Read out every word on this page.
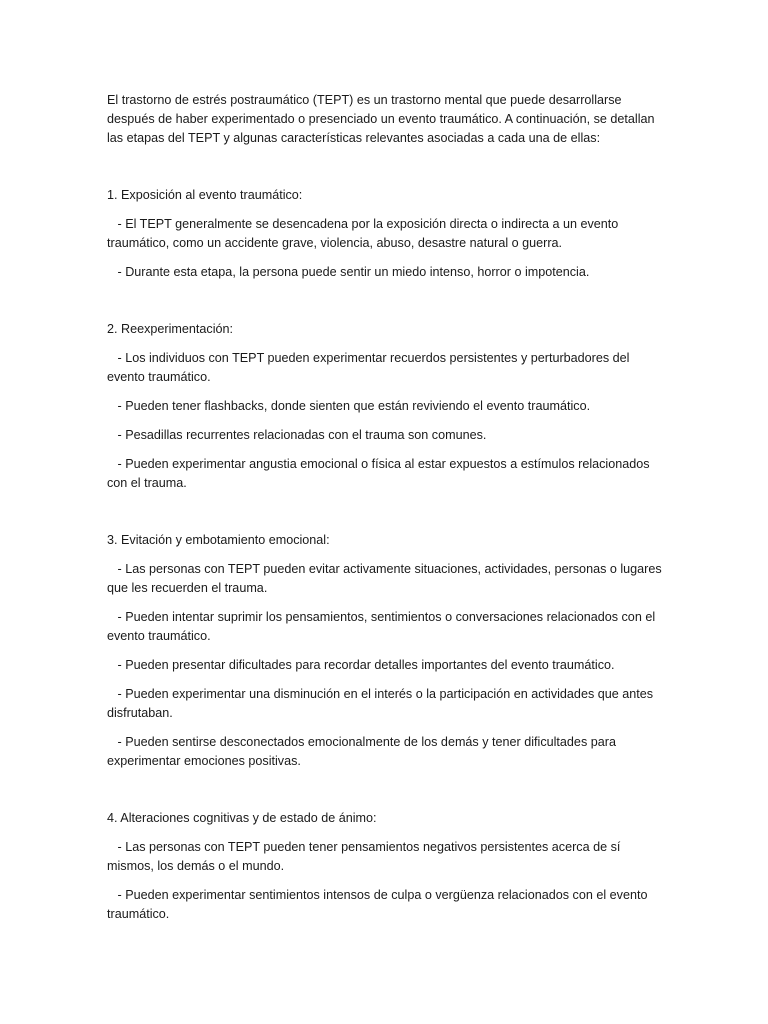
El trastorno de estrés postraumático (TEPT) es un trastorno mental que puede desarrollarse después de haber experimentado o presenciado un evento traumático. A continuación, se detallan las etapas del TEPT y algunas características relevantes asociadas a cada una de ellas:

1. Exposición al evento traumático:

- El TEPT generalmente se desencadena por la exposición directa o indirecta a un evento traumático, como un accidente grave, violencia, abuso, desastre natural o guerra.

- Durante esta etapa, la persona puede sentir un miedo intenso, horror o impotencia.

2. Reexperimentación:

- Los individuos con TEPT pueden experimentar recuerdos persistentes y perturbadores del evento traumático.

- Pueden tener flashbacks, donde sienten que están reviviendo el evento traumático.

- Pesadillas recurrentes relacionadas con el trauma son comunes.

- Pueden experimentar angustia emocional o física al estar expuestos a estímulos relacionados con el trauma.

3. Evitación y embotamiento emocional:

- Las personas con TEPT pueden evitar activamente situaciones, actividades, personas o lugares que les recuerden el trauma.

- Pueden intentar suprimir los pensamientos, sentimientos o conversaciones relacionados con el evento traumático.

- Pueden presentar dificultades para recordar detalles importantes del evento traumático.

- Pueden experimentar una disminución en el interés o la participación en actividades que antes disfrutaban.

- Pueden sentirse desconectados emocionalmente de los demás y tener dificultades para experimentar emociones positivas.

4. Alteraciones cognitivas y de estado de ánimo:

- Las personas con TEPT pueden tener pensamientos negativos persistentes acerca de sí mismos, los demás o el mundo.

- Pueden experimentar sentimientos intensos de culpa o vergüenza relacionados con el evento traumático.
